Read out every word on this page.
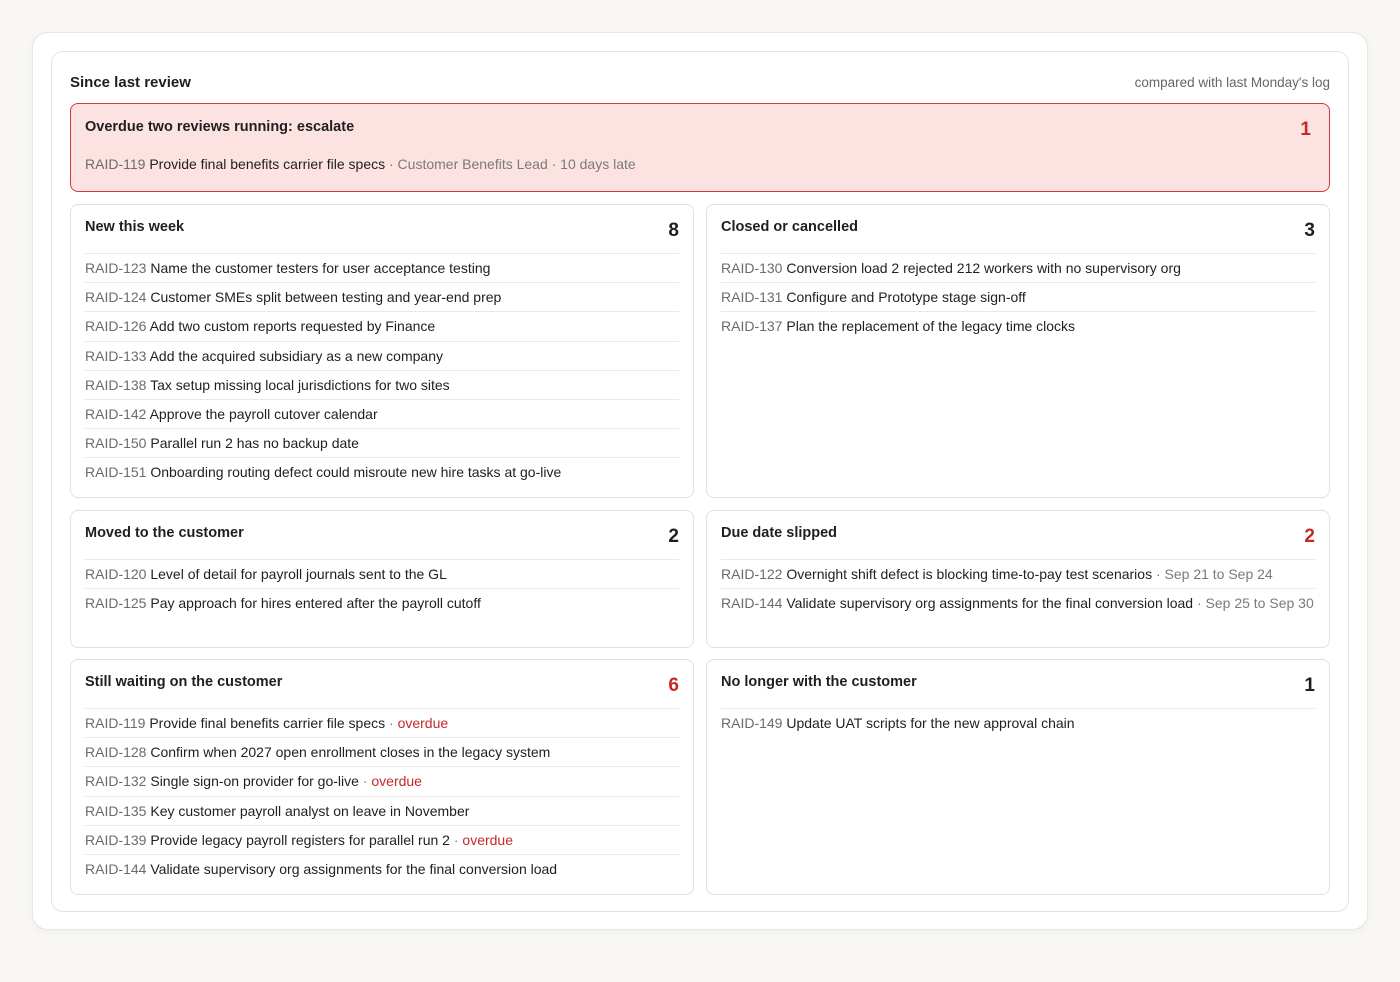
Since last review	compared with last Monday's log
Overdue two reviews running: escalate	1
RAID-119 Provide final benefits carrier file specs · Customer Benefits Lead · 10 days late
New this week	8
RAID-123 Name the customer testers for user acceptance testing
RAID-124 Customer SMEs split between testing and year-end prep
RAID-126 Add two custom reports requested by Finance
RAID-133 Add the acquired subsidiary as a new company
RAID-138 Tax setup missing local jurisdictions for two sites
RAID-142 Approve the payroll cutover calendar
RAID-150 Parallel run 2 has no backup date
RAID-151 Onboarding routing defect could misroute new hire tasks at go-live
Closed or cancelled	3
RAID-130 Conversion load 2 rejected 212 workers with no supervisory org
RAID-131 Configure and Prototype stage sign-off
RAID-137 Plan the replacement of the legacy time clocks
Moved to the customer	2
RAID-120 Level of detail for payroll journals sent to the GL
RAID-125 Pay approach for hires entered after the payroll cutoff
Due date slipped	2
RAID-122 Overnight shift defect is blocking time-to-pay test scenarios · Sep 21 to Sep 24
RAID-144 Validate supervisory org assignments for the final conversion load · Sep 25 to Sep 30
Still waiting on the customer	6
RAID-119 Provide final benefits carrier file specs · overdue
RAID-128 Confirm when 2027 open enrollment closes in the legacy system
RAID-132 Single sign-on provider for go-live · overdue
RAID-135 Key customer payroll analyst on leave in November
RAID-139 Provide legacy payroll registers for parallel run 2 · overdue
RAID-144 Validate supervisory org assignments for the final conversion load
No longer with the customer	1
RAID-149 Update UAT scripts for the new approval chain
